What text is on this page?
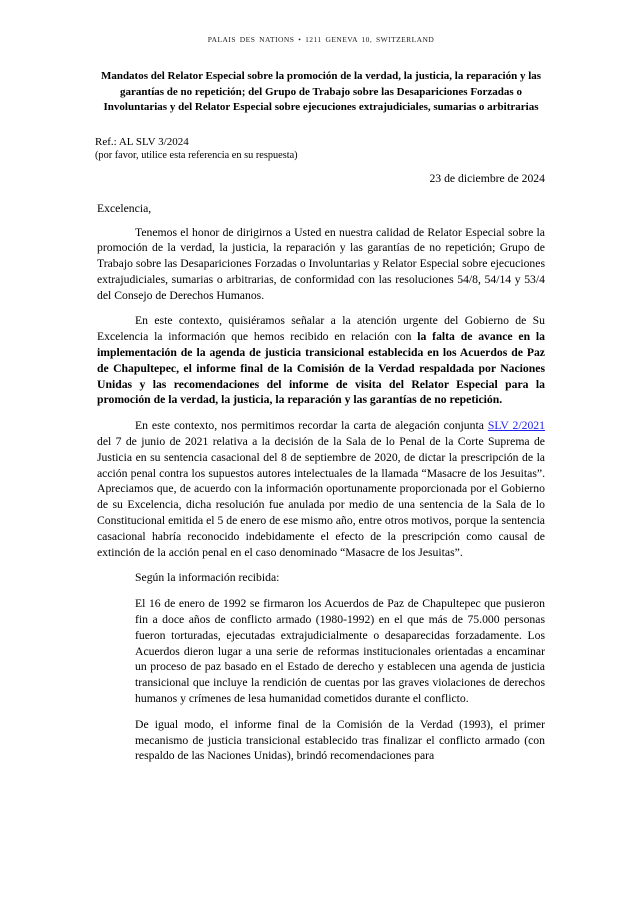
PALAIS DES NATIONS • 1211 GENEVA 10, SWITZERLAND
Mandatos del Relator Especial sobre la promoción de la verdad, la justicia, la reparación y las garantías de no repetición; del Grupo de Trabajo sobre las Desapariciones Forzadas o Involuntarias y del Relator Especial sobre ejecuciones extrajudiciales, sumarias o arbitrarias
Ref.: AL SLV 3/2024
(por favor, utilice esta referencia en su respuesta)
23 de diciembre de 2024
Excelencia,

Tenemos el honor de dirigirnos a Usted en nuestra calidad de Relator Especial sobre la promoción de la verdad, la justicia, la reparación y las garantías de no repetición; Grupo de Trabajo sobre las Desapariciones Forzadas o Involuntarias y Relator Especial sobre ejecuciones extrajudiciales, sumarias o arbitrarias, de conformidad con las resoluciones 54/8, 54/14 y 53/4 del Consejo de Derechos Humanos.

En este contexto, quisiéramos señalar a la atención urgente del Gobierno de Su Excelencia la información que hemos recibido en relación con la falta de avance en la implementación de la agenda de justicia transicional establecida en los Acuerdos de Paz de Chapultepec, el informe final de la Comisión de la Verdad respaldada por Naciones Unidas y las recomendaciones del informe de visita del Relator Especial para la promoción de la verdad, la justicia, la reparación y las garantías de no repetición.

En este contexto, nos permitimos recordar la carta de alegación conjunta SLV 2/2021 del 7 de junio de 2021 relativa a la decisión de la Sala de lo Penal de la Corte Suprema de Justicia en su sentencia casacional del 8 de septiembre de 2020, de dictar la prescripción de la acción penal contra los supuestos autores intelectuales de la llamada “Masacre de los Jesuitas”. Apreciamos que, de acuerdo con la información oportunamente proporcionada por el Gobierno de su Excelencia, dicha resolución fue anulada por medio de una sentencia de la Sala de lo Constitucional emitida el 5 de enero de ese mismo año, entre otros motivos, porque la sentencia casacional habría reconocido indebidamente el efecto de la prescripción como causal de extinción de la acción penal en el caso denominado “Masacre de los Jesuitas”.

Según la información recibida:

El 16 de enero de 1992 se firmaron los Acuerdos de Paz de Chapultepec que pusieron fin a doce años de conflicto armado (1980-1992) en el que más de 75.000 personas fueron torturadas, ejecutadas extrajudicialmente o desaparecidas forzadamente. Los Acuerdos dieron lugar a una serie de reformas institucionales orientadas a encaminar un proceso de paz basado en el Estado de derecho y establecen una agenda de justicia transicional que incluye la rendición de cuentas por las graves violaciones de derechos humanos y crímenes de lesa humanidad cometidos durante el conflicto.

De igual modo, el informe final de la Comisión de la Verdad (1993), el primer mecanismo de justicia transicional establecido tras finalizar el conflicto armado (con respaldo de las Naciones Unidas), brindó recomendaciones para
